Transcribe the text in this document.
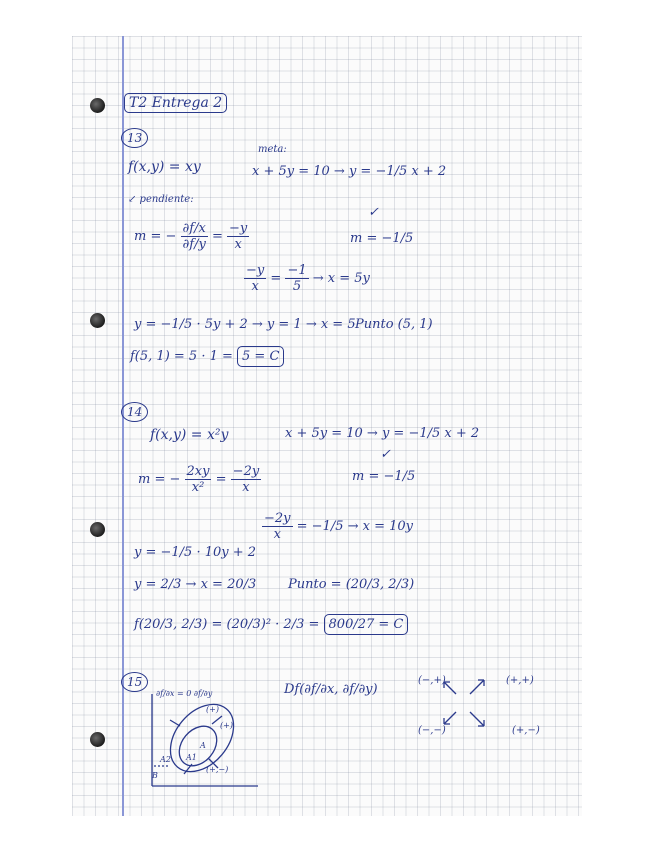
T2 Entrega 2
13
f(x,y) = xy
meta:
x + 5y = 10 → y = −1/5 x + 2
✓
↙ pendiente:
m = − $\frac{\partial f/x}{\partial f/y} = \frac{-y}{x}$	m = −1/5
$\frac{-y}{x} = \frac{-1}{5} \to x = 5y$
y = −1/5 · 5y + 2 → y = 1 → x = 5 Punto (5, 1)
f(5, 1) = 5 · 1 = 5 = C
14
f(x,y) = x²y	x + 5y = 10 → y = −1/5 x + 2
✓
m = − $\frac{2xy}{\text{x²}} = \frac{-2y}{x}$	m = −1/5
$\frac{-2y}{x} = -1/5 \to x = 10y$
y = −1/5 · 10y + 2
y = 2/3 → x = 20/3 Punto = (20/3, 2/3)
f(20/3, 2/3) = (20/3)² · 2/3 = 800/27 = C
15	Df(∂f/∂x, ∂f/∂y)
(−,+)	(+,+)
(−,−)	(+,−)
∂f/∂x = 0 ∂f/∂y
(+)
(+)
(+,−)
A
A1
A2
B
